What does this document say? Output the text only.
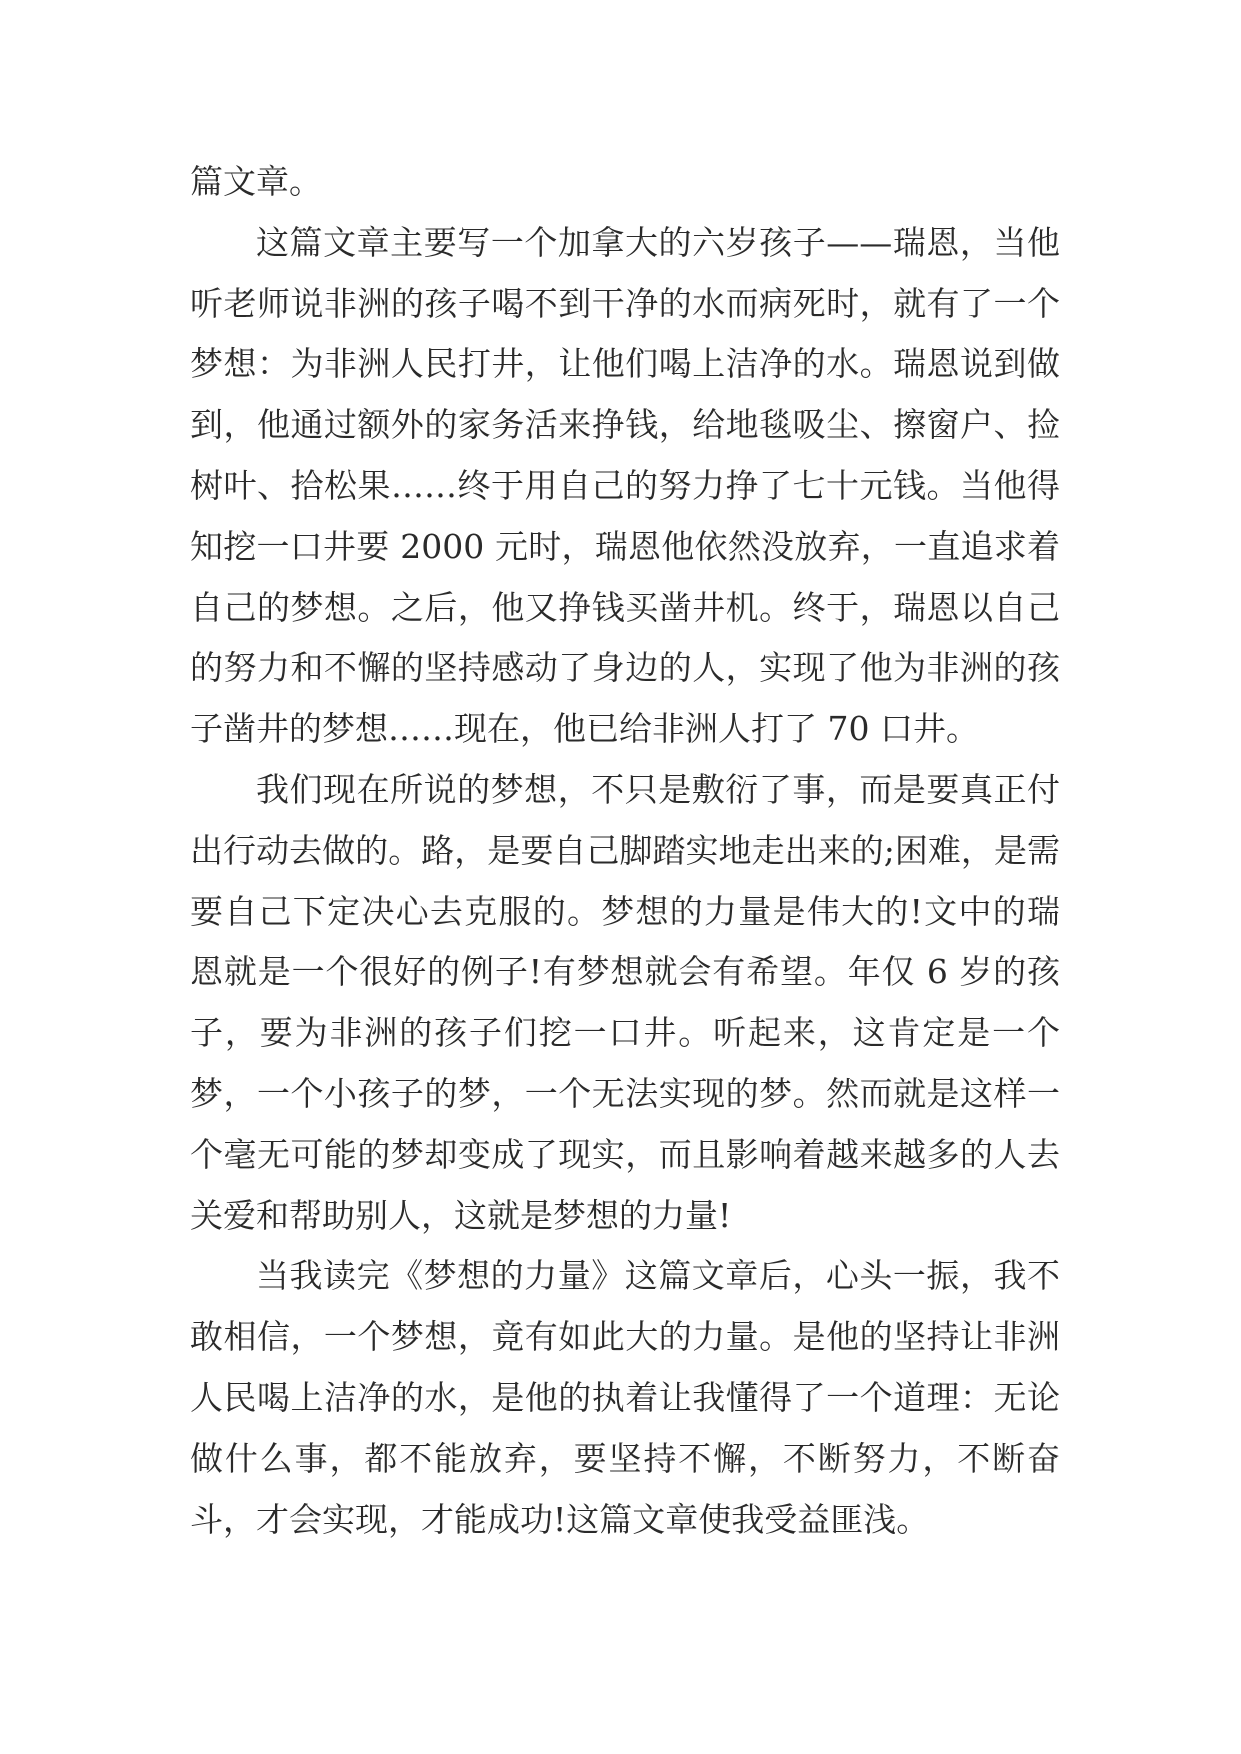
篇文章。

这篇文章主要写一个加拿大的六岁孩子——瑞恩，当他听老师说非洲的孩子喝不到干净的水而病死时，就有了一个梦想：为非洲人民打井，让他们喝上洁净的水。瑞恩说到做到，他通过额外的家务活来挣钱，给地毯吸尘、擦窗户、捡树叶、拾松果……终于用自己的努力挣了七十元钱。当他得知挖一口井要 2000 元时，瑞恩他依然没放弃，一直追求着自己的梦想。之后，他又挣钱买凿井机。终于，瑞恩以自己的努力和不懈的坚持感动了身边的人，实现了他为非洲的孩子凿井的梦想……现在，他已给非洲人打了 70 口井。

我们现在所说的梦想，不只是敷衍了事，而是要真正付出行动去做的。路，是要自己脚踏实地走出来的;困难，是需要自己下定决心去克服的。梦想的力量是伟大的!文中的瑞恩就是一个很好的例子!有梦想就会有希望。年仅 6 岁的孩子，要为非洲的孩子们挖一口井。听起来，这肯定是一个梦，一个小孩子的梦，一个无法实现的梦。然而就是这样一个毫无可能的梦却变成了现实，而且影响着越来越多的人去关爱和帮助别人，这就是梦想的力量!

当我读完《梦想的力量》这篇文章后，心头一振，我不敢相信，一个梦想，竟有如此大的力量。是他的坚持让非洲人民喝上洁净的水，是他的执着让我懂得了一个道理：无论做什么事，都不能放弃，要坚持不懈，不断努力，不断奋斗，才会实现，才能成功!这篇文章使我受益匪浅。
